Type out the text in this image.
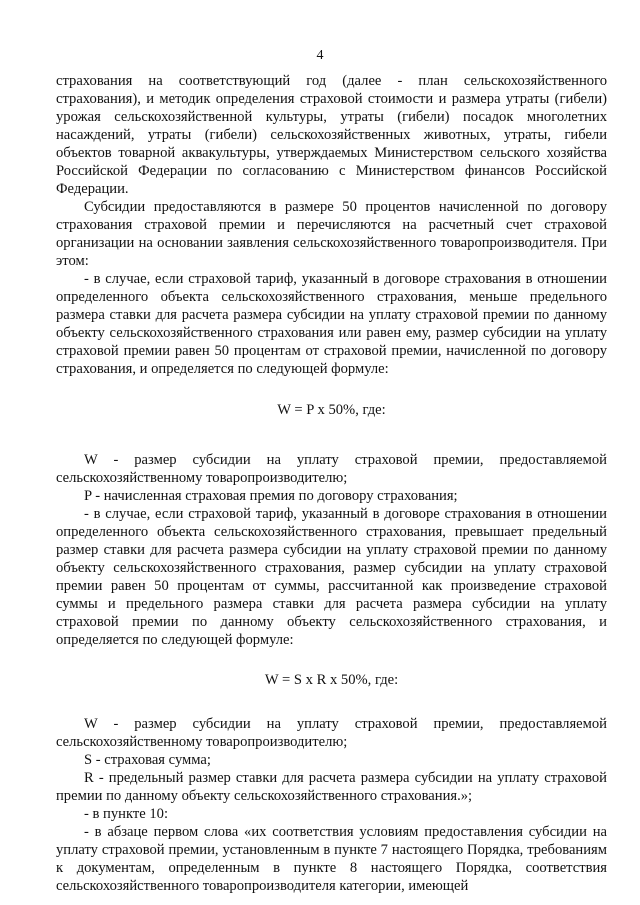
4

страхования на соответствующий год (далее - план сельскохозяйственного страхования), и методик определения страховой стоимости и размера утраты (гибели) урожая сельскохозяйственной культуры, утраты (гибели) посадок многолетних насаждений, утраты (гибели) сельскохозяйственных животных, утраты, гибели объектов товарной аквакультуры, утверждаемых Министерством сельского хозяйства Российской Федерации по согласованию с Министерством финансов Российской Федерации.

Субсидии предоставляются в размере 50 процентов начисленной по договору страхования страховой премии и перечисляются на расчетный счет страховой организации на основании заявления сельскохозяйственного товаропроизводителя. При этом:

- в случае, если страховой тариф, указанный в договоре страхования в отношении определенного объекта сельскохозяйственного страхования, меньше предельного размера ставки для расчета размера субсидии на уплату страховой премии по данному объекту сельскохозяйственного страхования или равен ему, размер субсидии на уплату страховой премии равен 50 процентам от страховой премии, начисленной по договору страхования, и определяется по следующей формуле:

W = P x 50%, где:

W - размер субсидии на уплату страховой премии, предоставляемой сельскохозяйственному товаропроизводителю;

P - начисленная страховая премия по договору страхования;

- в случае, если страховой тариф, указанный в договоре страхования в отношении определенного объекта сельскохозяйственного страхования, превышает предельный размер ставки для расчета размера субсидии на уплату страховой премии по данному объекту сельскохозяйственного страхования, размер субсидии на уплату страховой премии равен 50 процентам от суммы, рассчитанной как произведение страховой суммы и предельного размера ставки для расчета размера субсидии на уплату страховой премии по данному объекту сельскохозяйственного страхования, и определяется по следующей формуле:

W = S x R x 50%, где:

W - размер субсидии на уплату страховой премии, предоставляемой сельскохозяйственному товаропроизводителю;

S - страховая сумма;

R - предельный размер ставки для расчета размера субсидии на уплату страховой премии по данному объекту сельскохозяйственного страхования.»;

- в пункте 10:

- в абзаце первом слова «их соответствия условиям предоставления субсидии на уплату страховой премии, установленным в пункте 7 настоящего Порядка, требованиям к документам, определенным в пункте 8 настоящего Порядка, соответствия сельскохозяйственного товаропроизводителя категории, имеющей
